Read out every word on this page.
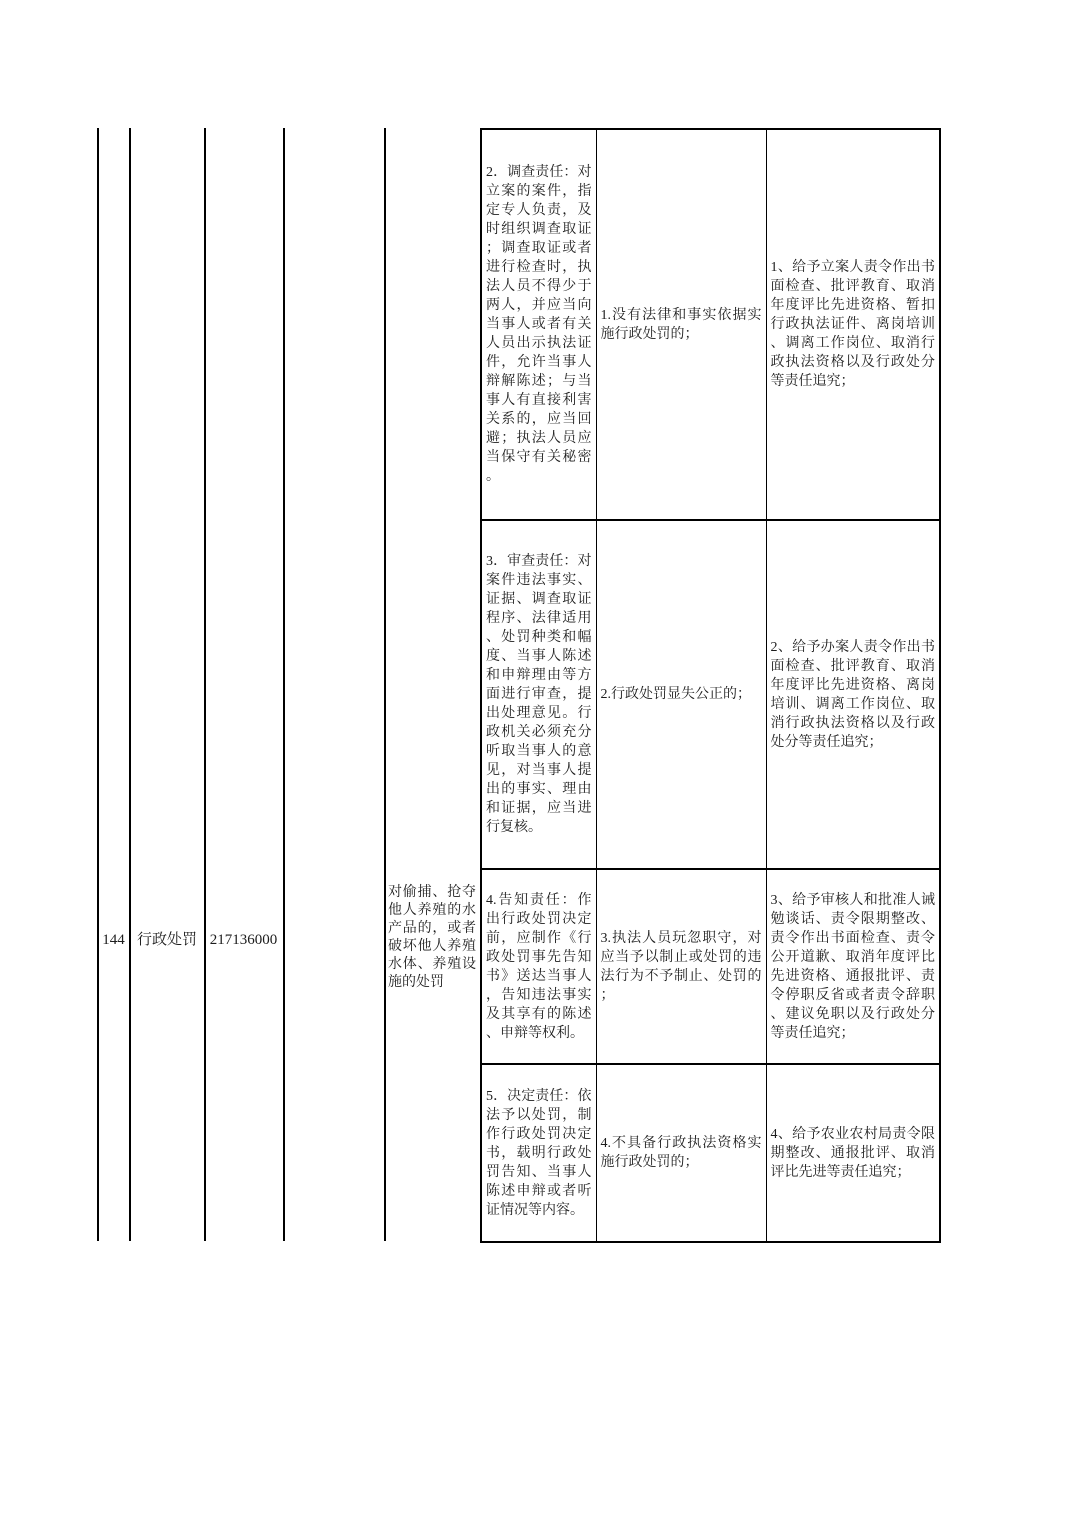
144 行政处罚 217136000
对偷捕、抢夺他人养殖的水产品的，或者破坏他人养殖水体、养殖设施的处罚
2．调查责任：对立案的案件，指定专人负责，及时组织调查取证；调查取证或者进行检查时，执法人员不得少于两人，并应当向当事人或者有关人员出示执法证件，允许当事人辩解陈述；与当事人有直接利害关系的，应当回避；执法人员应当保守有关秘密。	1.没有法律和事实依据实施行政处罚的；	1、给予立案人责令作出书面检查、批评教育、取消年度评比先进资格、暂扣行政执法证件、离岗培训、调离工作岗位、取消行政执法资格以及行政处分等责任追究；
3．审查责任：对案件违法事实、证据、调查取证程序、法律适用、处罚种类和幅度、当事人陈述和申辩理由等方面进行审查，提出处理意见。行政机关必须充分听取当事人的意见，对当事人提出的事实、理由和证据，应当进行复核。	2.行政处罚显失公正的；	2、给予办案人责令作出书面检查、批评教育、取消年度评比先进资格、离岗培训、调离工作岗位、取消行政执法资格以及行政处分等责任追究；
4.告知责任：作出行政处罚决定前，应制作《行政处罚事先告知书》送达当事人，告知违法事实及其享有的陈述、申辩等权利。	3.执法人员玩忽职守，对应当予以制止或处罚的违法行为不予制止、处罚的；	3、给予审核人和批准人诫勉谈话、责令限期整改、责令作出书面检查、责令公开道歉、取消年度评比先进资格、通报批评、责令停职反省或者责令辞职、建议免职以及行政处分等责任追究；
5．决定责任：依法予以处罚，制作行政处罚决定书，载明行政处罚告知、当事人陈述申辩或者听证情况等内容。	4.不具备行政执法资格实施行政处罚的；	4、给予农业农村局责令限期整改、通报批评、取消评比先进等责任追究；
